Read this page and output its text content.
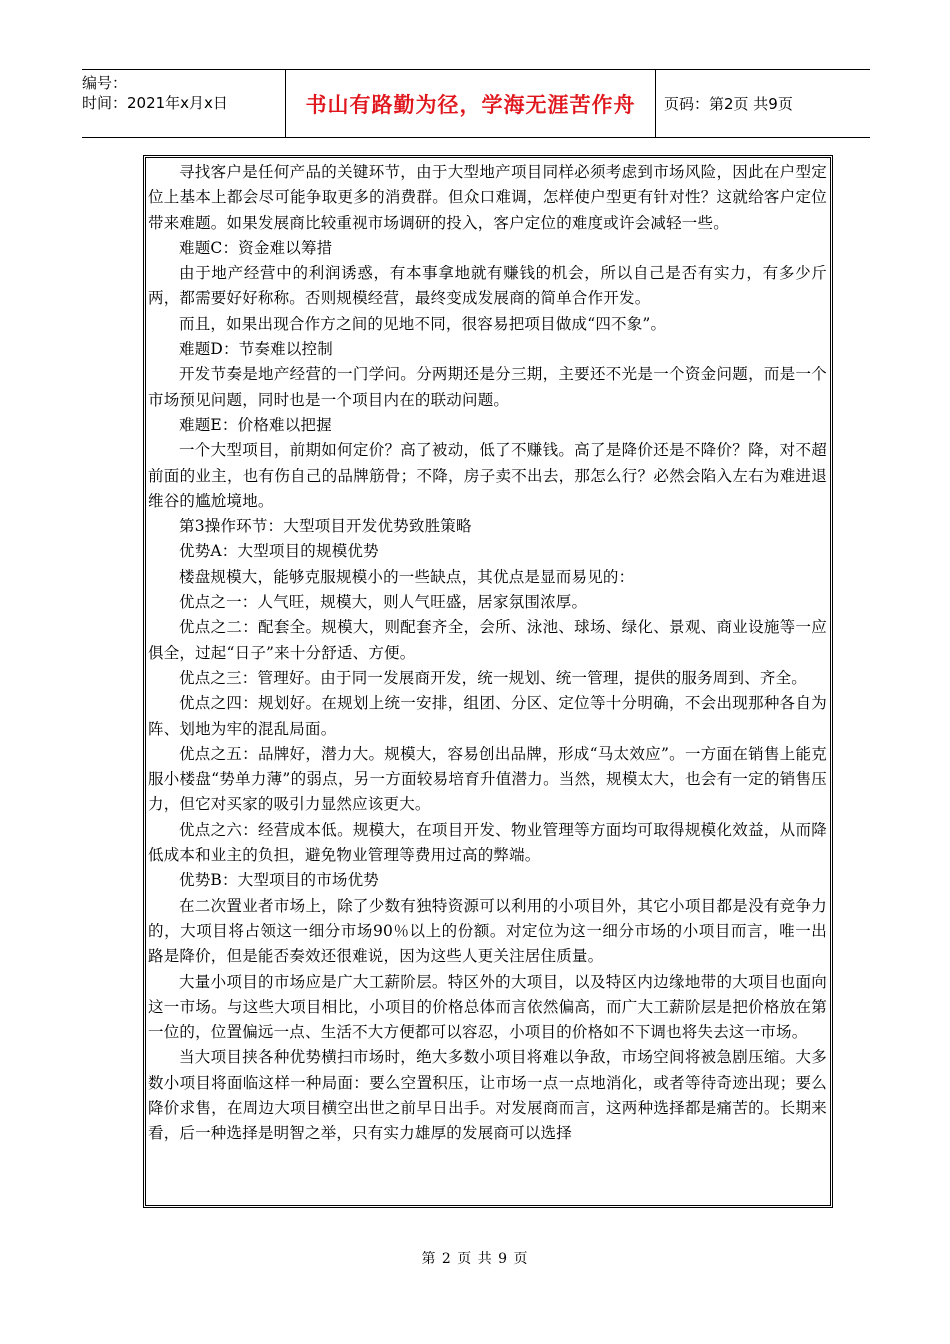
编号：
时间：2021年x月x日	书山有路勤为径，学海无涯苦作舟	页码：第2页 共9页

寻找客户是任何产品的关键环节，由于大型地产项目同样必须考虑到市场风险，因此在户型定位上基本上都会尽可能争取更多的消费群。但众口难调，怎样使户型更有针对性？这就给客户定位带来难题。如果发展商比较重视市场调研的投入，客户定位的难度或许会减轻一些。

难题C：资金难以筹措

由于地产经营中的利润诱惑，有本事拿地就有赚钱的机会，所以自己是否有实力，有多少斤两，都需要好好称称。否则规模经营，最终变成发展商的简单合作开发。

而且，如果出现合作方之间的见地不同，很容易把项目做成“四不象”。

难题D：节奏难以控制

开发节奏是地产经营的一门学问。分两期还是分三期，主要还不光是一个资金问题，而是一个市场预见问题，同时也是一个项目内在的联动问题。

难题E：价格难以把握

一个大型项目，前期如何定价？高了被动，低了不赚钱。高了是降价还是不降价？降，对不超前面的业主，也有伤自己的品牌筋骨；不降，房子卖不出去，那怎么行？必然会陷入左右为难进退维谷的尴尬境地。

第3操作环节：大型项目开发优势致胜策略

优势A：大型项目的规模优势

楼盘规模大，能够克服规模小的一些缺点，其优点是显而易见的：

优点之一：人气旺，规模大，则人气旺盛，居家氛围浓厚。

优点之二：配套全。规模大，则配套齐全，会所、泳池、球场、绿化、景观、商业设施等一应俱全，过起“日子”来十分舒适、方便。

优点之三：管理好。由于同一发展商开发，统一规划、统一管理，提供的服务周到、齐全。

优点之四：规划好。在规划上统一安排，组团、分区、定位等十分明确，不会出现那种各自为阵、划地为牢的混乱局面。

优点之五：品牌好，潜力大。规模大，容易创出品牌，形成“马太效应”。一方面在销售上能克服小楼盘“势单力薄”的弱点，另一方面较易培育升值潜力。当然，规模太大，也会有一定的销售压力，但它对买家的吸引力显然应该更大。

优点之六：经营成本低。规模大，在项目开发、物业管理等方面均可取得规模化效益，从而降低成本和业主的负担，避免物业管理等费用过高的弊端。

优势B：大型项目的市场优势

在二次置业者市场上，除了少数有独特资源可以利用的小项目外，其它小项目都是没有竞争力的，大项目将占领这一细分市场90％以上的份额。对定位为这一细分市场的小项目而言，唯一出路是降价，但是能否奏效还很难说，因为这些人更关注居住质量。

大量小项目的市场应是广大工薪阶层。特区外的大项目，以及特区内边缘地带的大项目也面向这一市场。与这些大项目相比，小项目的价格总体而言依然偏高，而广大工薪阶层是把价格放在第一位的，位置偏远一点、生活不大方便都可以容忍，小项目的价格如不下调也将失去这一市场。

当大项目挟各种优势横扫市场时，绝大多数小项目将难以争敌，市场空间将被急剧压缩。大多数小项目将面临这样一种局面：要么空置积压，让市场一点一点地消化，或者等待奇迹出现；要么降价求售，在周边大项目横空出世之前早日出手。对发展商而言，这两种选择都是痛苦的。长期来看，后一种选择是明智之举，只有实力雄厚的发展商可以选择

第 2 页 共 9 页
